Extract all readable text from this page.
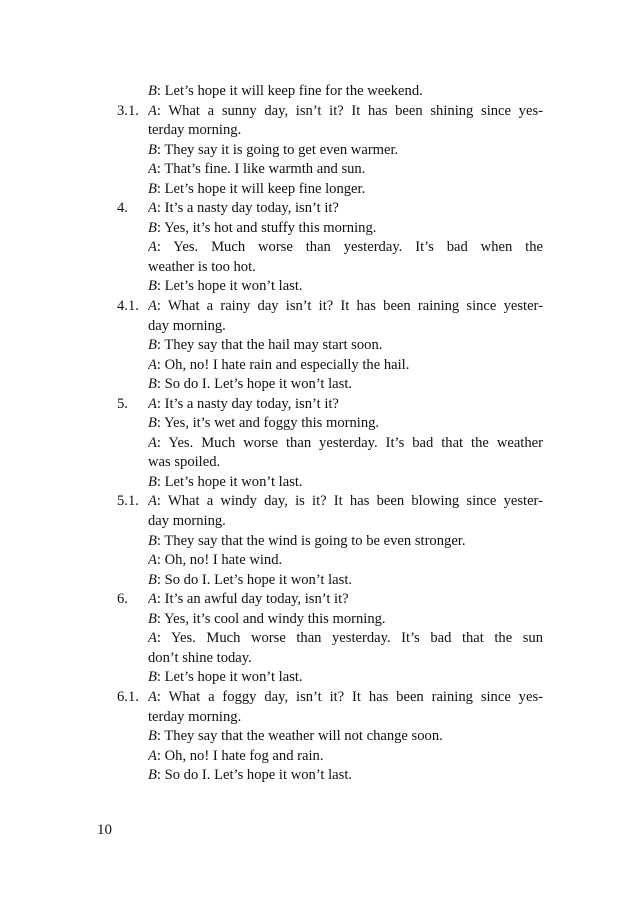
B: Let’s hope it will keep fine for the weekend.
3.1. A: What a sunny day, isn’t it? It has been shining since yes-
terday morning.
B: They say it is going to get even warmer.
A: That’s fine. I like warmth and sun.
B: Let’s hope it will keep fine longer.
4. A: It’s a nasty day today, isn’t it?
B: Yes, it’s hot and stuffy this morning.
A: Yes. Much worse than yesterday. It’s bad when the
weather is too hot.
B: Let’s hope it won’t last.
4.1. A: What a rainy day isn’t it? It has been raining since yester-
day morning.
B: They say that the hail may start soon.
A: Oh, no! I hate rain and especially the hail.
B: So do I. Let’s hope it won’t last.
5. A: It’s a nasty day today, isn’t it?
B: Yes, it’s wet and foggy this morning.
A: Yes. Much worse than yesterday. It’s bad that the weather
was spoiled.
B: Let’s hope it won’t last.
5.1. A: What a windy day, is it? It has been blowing since yester-
day morning.
B: They say that the wind is going to be even stronger.
A: Oh, no! I hate wind.
B: So do I. Let’s hope it won’t last.
6. A: It’s an awful day today, isn’t it?
B: Yes, it’s cool and windy this morning.
A: Yes. Much worse than yesterday. It’s bad that the sun
don’t shine today.
B: Let’s hope it won’t last.
6.1. A: What a foggy day, isn’t it? It has been raining since yes-
terday morning.
B: They say that the weather will not change soon.
A: Oh, no! I hate fog and rain.
B: So do I. Let’s hope it won’t last.
10
